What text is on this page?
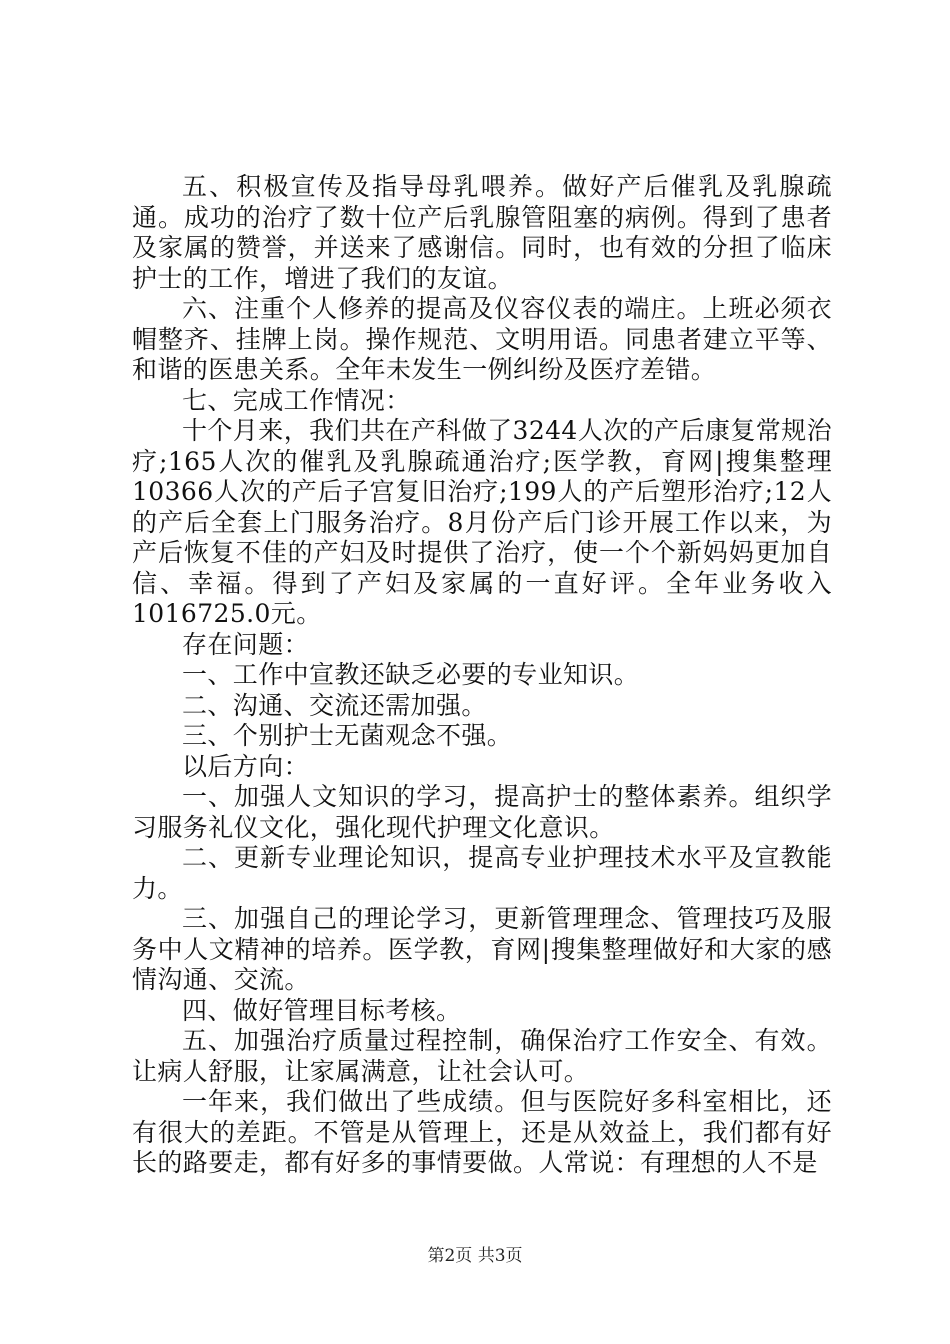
五、积极宣传及指导母乳喂养。做好产后催乳及乳腺疏通。成功的治疗了数十位产后乳腺管阻塞的病例。得到了患者及家属的赞誉，并送来了感谢信。同时，也有效的分担了临床护士的工作，增进了我们的友谊。

六、注重个人修养的提高及仪容仪表的端庄。上班必须衣帽整齐、挂牌上岗。操作规范、文明用语。同患者建立平等、和谐的医患关系。全年未发生一例纠纷及医疗差错。

七、完成工作情况：

十个月来，我们共在产科做了3244人次的产后康复常规治疗;165人次的催乳及乳腺疏通治疗;医学教，育网|搜集整理10366人次的产后子宫复旧治疗;199人的产后塑形治疗;12人的产后全套上门服务治疗。8月份产后门诊开展工作以来，为产后恢复不佳的产妇及时提供了治疗，使一个个新妈妈更加自信、幸福。得到了产妇及家属的一直好评。全年业务收入1016725.0元。

存在问题：

一、工作中宣教还缺乏必要的专业知识。

二、沟通、交流还需加强。

三、个别护士无菌观念不强。

以后方向：

一、加强人文知识的学习，提高护士的整体素养。组织学习服务礼仪文化，强化现代护理文化意识。

二、更新专业理论知识，提高专业护理技术水平及宣教能力。

三、加强自己的理论学习，更新管理理念、管理技巧及服务中人文精神的培养。医学教，育网|搜集整理做好和大家的感情沟通、交流。

四、做好管理目标考核。

五、加强治疗质量过程控制，确保治疗工作安全、有效。让病人舒服，让家属满意，让社会认可。

一年来，我们做出了些成绩。但与医院好多科室相比，还有很大的差距。不管是从管理上，还是从效益上，我们都有好长的路要走，都有好多的事情要做。人常说：有理想的人不是

第2页 共3页
